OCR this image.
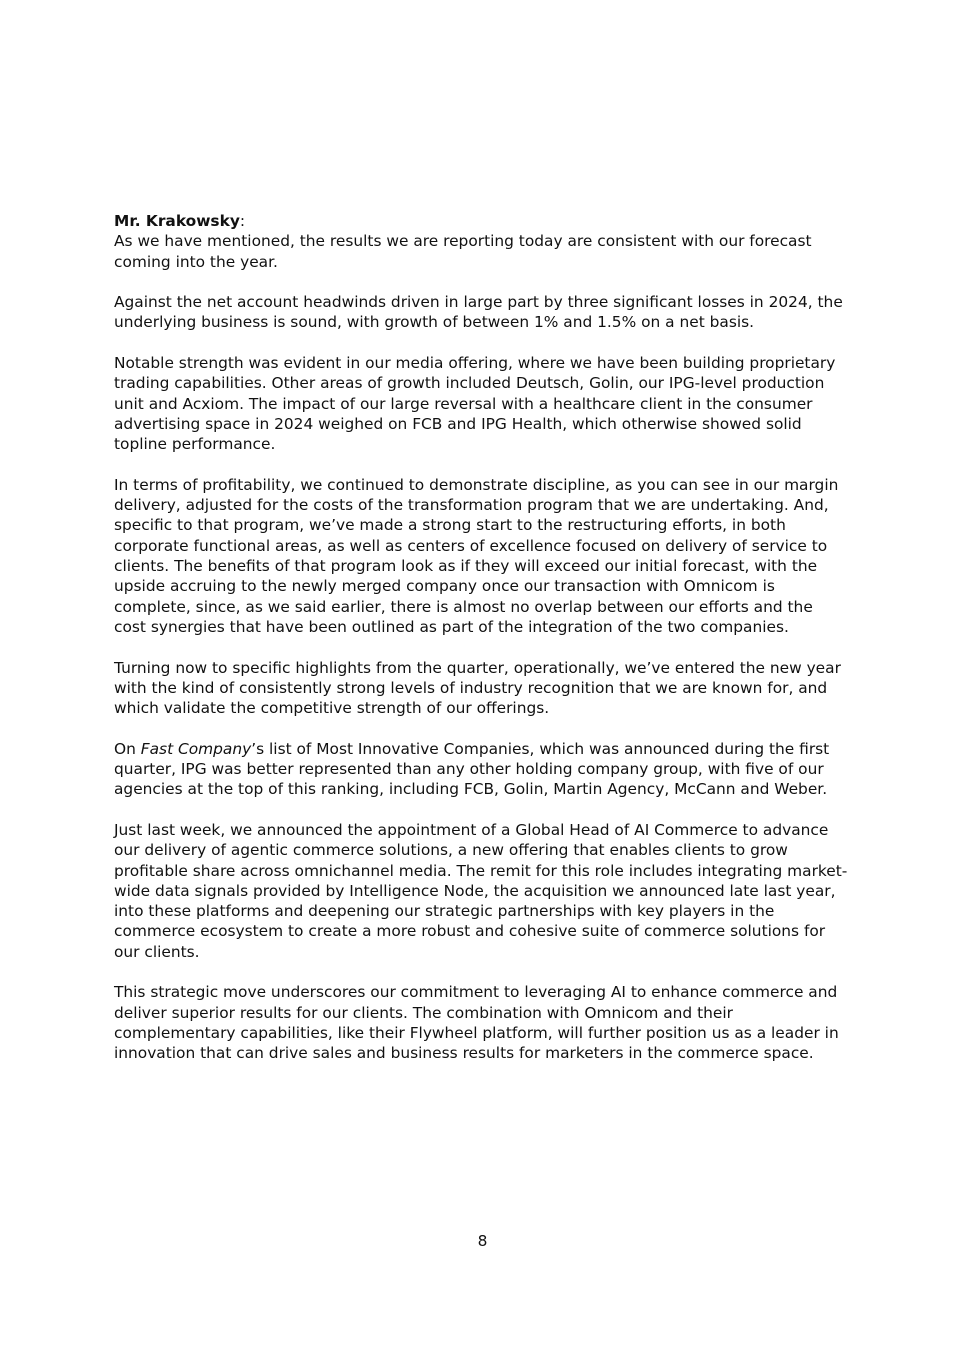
Mr. Krakowsky:

As we have mentioned, the results we are reporting today are consistent with our forecast coming into the year.

Against the net account headwinds driven in large part by three significant losses in 2024, the underlying business is sound, with growth of between 1% and 1.5% on a net basis.

Notable strength was evident in our media offering, where we have been building proprietary trading capabilities. Other areas of growth included Deutsch, Golin, our IPG-level production unit and Acxiom. The impact of our large reversal with a healthcare client in the consumer advertising space in 2024 weighed on FCB and IPG Health, which otherwise showed solid topline performance.

In terms of profitability, we continued to demonstrate discipline, as you can see in our margin delivery, adjusted for the costs of the transformation program that we are undertaking. And, specific to that program, we’ve made a strong start to the restructuring efforts, in both corporate functional areas, as well as centers of excellence focused on delivery of service to clients. The benefits of that program look as if they will exceed our initial forecast, with the upside accruing to the newly merged company once our transaction with Omnicom is complete, since, as we said earlier, there is almost no overlap between our efforts and the cost synergies that have been outlined as part of the integration of the two companies.

Turning now to specific highlights from the quarter, operationally, we’ve entered the new year with the kind of consistently strong levels of industry recognition that we are known for, and which validate the competitive strength of our offerings.

On Fast Company’s list of Most Innovative Companies, which was announced during the first quarter, IPG was better represented than any other holding company group, with five of our agencies at the top of this ranking, including FCB, Golin, Martin Agency, McCann and Weber.

Just last week, we announced the appointment of a Global Head of AI Commerce to advance our delivery of agentic commerce solutions, a new offering that enables clients to grow profitable share across omnichannel media. The remit for this role includes integrating market-wide data signals provided by Intelligence Node, the acquisition we announced late last year, into these platforms and deepening our strategic partnerships with key players in the commerce ecosystem to create a more robust and cohesive suite of commerce solutions for our clients.

This strategic move underscores our commitment to leveraging AI to enhance commerce and deliver superior results for our clients. The combination with Omnicom and their complementary capabilities, like their Flywheel platform, will further position us as a leader in innovation that can drive sales and business results for marketers in the commerce space.

8
